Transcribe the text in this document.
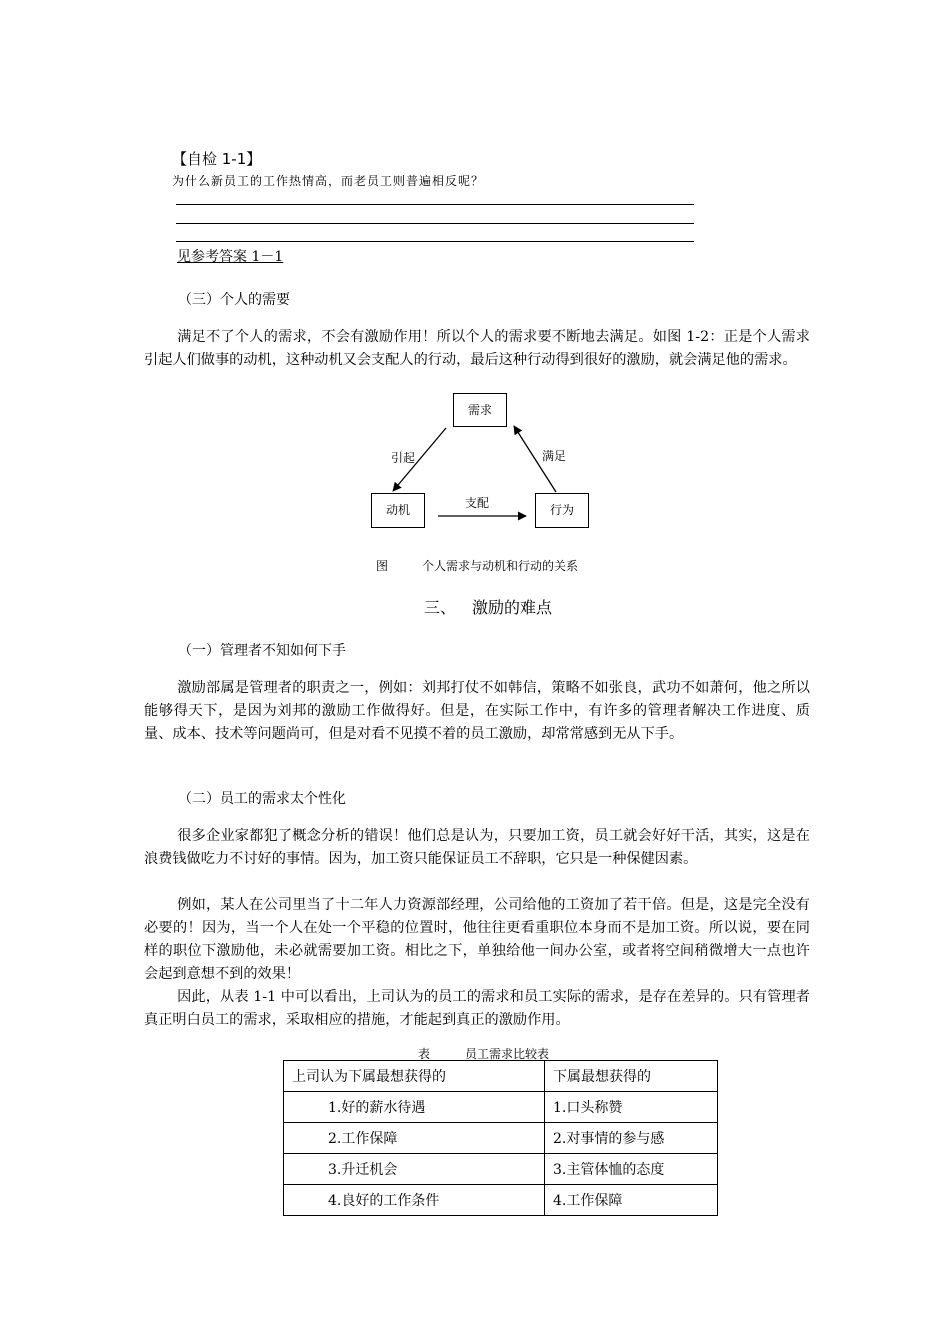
【自检 1-1】
为什么新员工的工作热情高，而老员工则普遍相反呢？
见参考答案 1－1
（三）个人的需要
满足不了个人的需求，不会有激励作用！所以个人的需求要不断地去满足。如图 1-2：正是个人需求引起人们做事的动机，这种动机又会支配人的行动，最后这种行动得到很好的激励，就会满足他的需求。
需求
动机	行为
引起
支配
满足
图	个人需求与动机和行动的关系
三、 激励的难点
（一）管理者不知如何下手
激励部属是管理者的职责之一，例如：刘邦打仗不如韩信，策略不如张良，武功不如萧何，他之所以能够得天下，是因为刘邦的激励工作做得好。但是，在实际工作中，有许多的管理者解决工作进度、质量、成本、技术等问题尚可，但是对看不见摸不着的员工激励，却常常感到无从下手。
（二）员工的需求太个性化
很多企业家都犯了概念分析的错误！他们总是认为，只要加工资，员工就会好好干活，其实，这是在浪费钱做吃力不讨好的事情。因为，加工资只能保证员工不辞职，它只是一种保健因素。
例如，某人在公司里当了十二年人力资源部经理，公司给他的工资加了若干倍。但是，这是完全没有必要的！因为，当一个人在处一个平稳的位置时，他往往更看重职位本身而不是加工资。所以说，要在同样的职位下激励他，未必就需要加工资。相比之下，单独给他一间办公室，或者将空间稍微增大一点也许会起到意想不到的效果！
因此，从表 1-1 中可以看出，上司认为的员工的需求和员工实际的需求，是存在差异的。只有管理者真正明白员工的需求，采取相应的措施，才能起到真正的激励作用。
表	员工需求比较表
上司认为下属最想获得的	下属最想获得的
1.好的薪水待遇	1.口头称赞
2.工作保障	2.对事情的参与感
3.升迁机会	3.主管体恤的态度
4.良好的工作条件	4.工作保障
